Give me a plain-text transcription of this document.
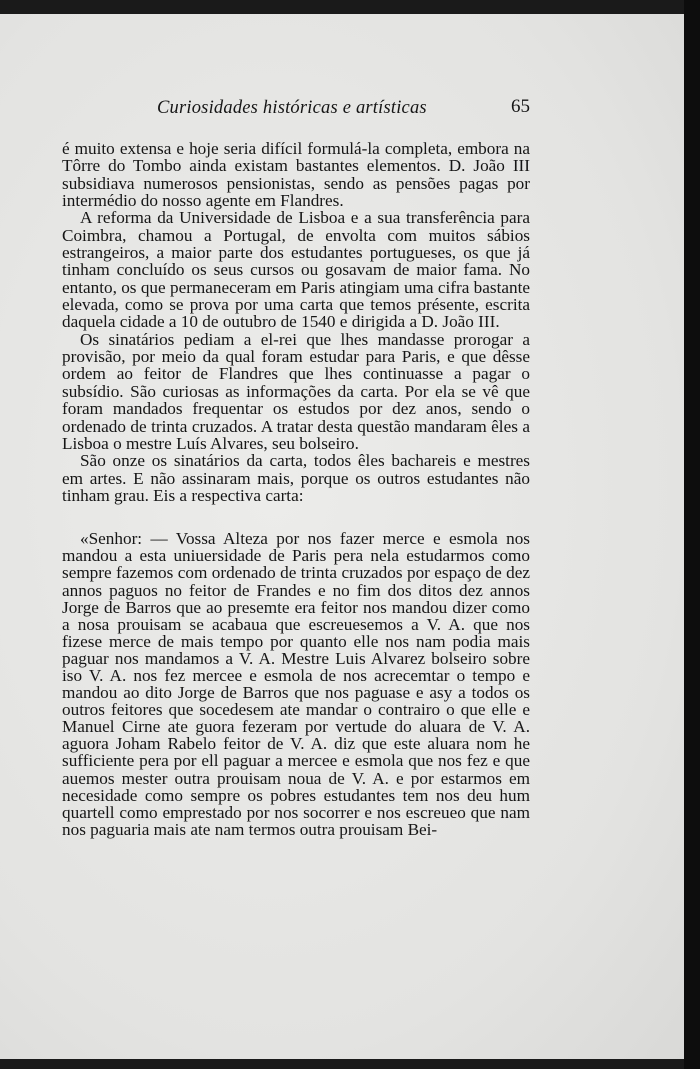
Curiosidades históricas e artísticas	65

é muito extensa e hoje seria difícil formulá-la completa, embora na Tôrre do Tombo ainda existam bastantes elementos. D. João III subsidiava numerosos pensionistas, sendo as pensões pagas por intermédio do nosso agente em Flandres.

A reforma da Universidade de Lisboa e a sua transferência para Coimbra, chamou a Portugal, de envolta com muitos sábios estrangeiros, a maior parte dos estudantes portugueses, os que já tinham concluído os seus cursos ou gosavam de maior fama. No entanto, os que permaneceram em Paris atingiam uma cifra bastante elevada, como se prova por uma carta que temos présente, escrita daquela cidade a 10 de outubro de 1540 e dirigida a D. João III.

Os sinatários pediam a el-rei que lhes mandasse prorogar a provisão, por meio da qual foram estudar para Paris, e que dêsse ordem ao feitor de Flandres que lhes continuasse a pagar o subsídio. São curiosas as informações da carta. Por ela se vê que foram mandados frequentar os estudos por dez anos, sendo o ordenado de trinta cruzados. A tratar desta questão mandaram êles a Lisboa o mestre Luís Alvares, seu bolseiro.

São onze os sinatários da carta, todos êles bachareis e mestres em artes. E não assinaram mais, porque os outros estudantes não tinham grau. Eis a respectiva carta:

«Senhor: — Vossa Alteza por nos fazer merce e esmola nos mandou a esta uniuersidade de Paris pera nela estudarmos como sempre fazemos com ordenado de trinta cruzados por espaço de dez annos paguos no feitor de Frandes e no fim dos ditos dez annos Jorge de Barros que ao presemte era feitor nos mandou dizer como a nosa prouisam se acabaua que escreuesemos a V. A. que nos fizese merce de mais tempo por quanto elle nos nam podia mais paguar nos mandamos a V. A. Mestre Luis Alvarez bolseiro sobre iso V. A. nos fez mercee e esmola de nos acrecemtar o tempo e mandou ao dito Jorge de Barros que nos paguase e asy a todos os outros feitores que socedesem ate mandar o contrairo o que elle e Manuel Cirne ate guora fezeram por vertude do aluara de V. A. aguora Joham Rabelo feitor de V. A. diz que este aluara nom he sufficiente pera por ell paguar a mercee e esmola que nos fez e que auemos mester outra prouisam noua de V. A. e por estarmos em necesidade como sempre os pobres estudantes tem nos deu hum quartell como emprestado por nos socorrer e nos escreueo que nam nos paguaria mais ate nam termos outra prouisam Bei-
